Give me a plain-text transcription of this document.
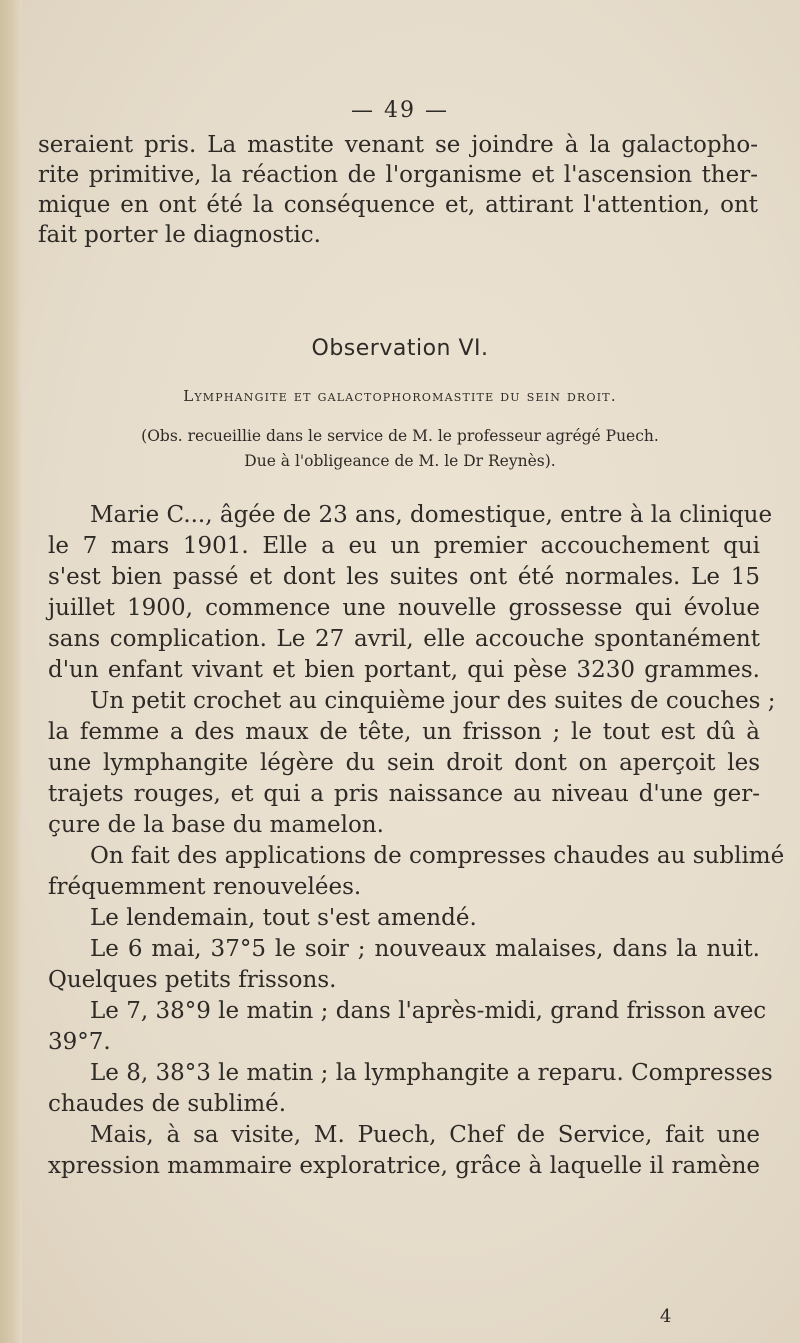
— 49 —
seraient pris. La mastite venant se joindre à la galactopho-
rite primitive, la réaction de l'organisme et l'ascension ther-
mique en ont été la conséquence et, attirant l'attention, ont
fait porter le diagnostic.
Observation VI.
Lymphangite et galactophoromastite du sein droit.
(Obs. recueillie dans le service de M. le professeur agrégé Puech.
Due à l'obligeance de M. le Dr Reynès).
Marie C..., âgée de 23 ans, domestique, entre à la clinique
le 7 mars 1901. Elle a eu un premier accouchement qui
s'est bien passé et dont les suites ont été normales. Le 15
juillet 1900, commence une nouvelle grossesse qui évolue
sans complication. Le 27 avril, elle accouche spontanément
d'un enfant vivant et bien portant, qui pèse 3230 grammes.
Un petit crochet au cinquième jour des suites de couches ;
la femme a des maux de tête, un frisson ; le tout est dû à
une lymphangite légère du sein droit dont on aperçoit les
trajets rouges, et qui a pris naissance au niveau d'une ger-
çure de la base du mamelon.
On fait des applications de compresses chaudes au sublimé
fréquemment renouvelées.
Le lendemain, tout s'est amendé.
Le 6 mai, 37°5 le soir ; nouveaux malaises, dans la nuit.
Quelques petits frissons.
Le 7, 38°9 le matin ; dans l'après-midi, grand frisson avec
39°7.
Le 8, 38°3 le matin ; la lymphangite a reparu. Compresses
chaudes de sublimé.
Mais, à sa visite, M. Puech, Chef de Service, fait une
xpression mammaire exploratrice, grâce à laquelle il ramène
4
